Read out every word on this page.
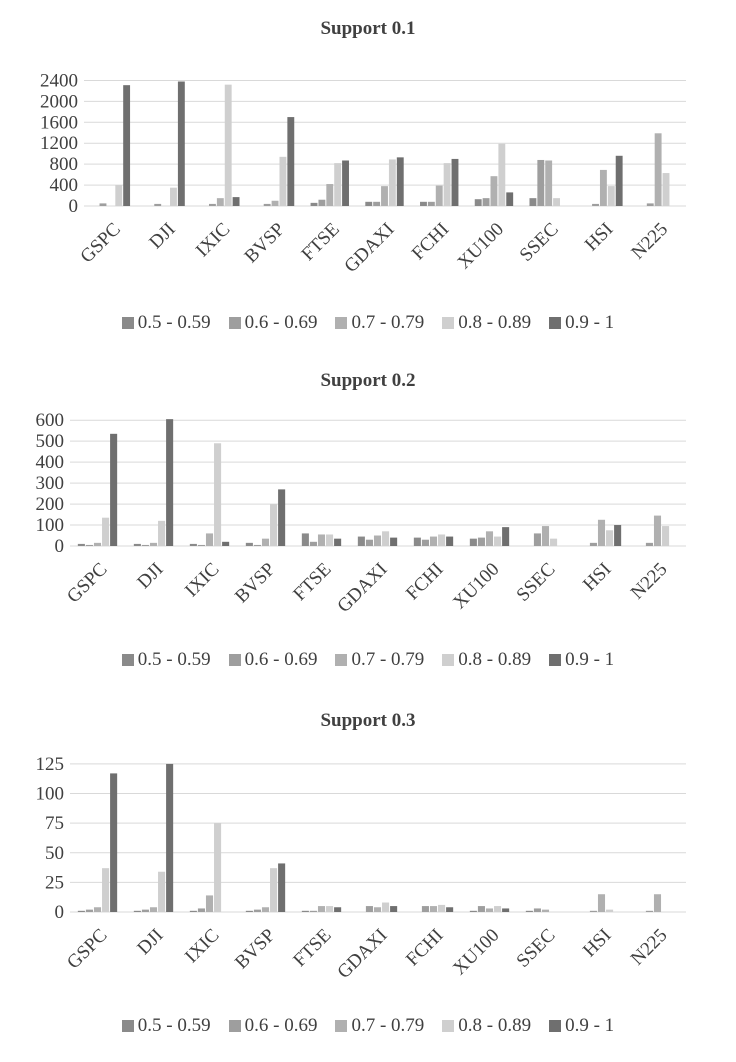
Support 0.1
0
400
800
1200
1600
2000
2400
GSPC DJI IXIC BVSP FTSE
GDAXI FCHI XU100 SSEC HSI N225
0.5 - 0.59 0.6 - 0.69 0.7 - 0.79 0.8 - 0.89 0.9 - 1
Support 0.2
0
100
200
300
400
500
600
GSPC DJI IXIC BVSP FTSE
GDAXI FCHI XU100 SSEC HSI N225
0.5 - 0.59 0.6 - 0.69 0.7 - 0.79 0.8 - 0.89 0.9 - 1
Support 0.3
0
25
50
75
100
125
GSPC DJI IXIC BVSP FTSE
GDAXI FCHI XU100 SSEC HSI N225
0.5 - 0.59 0.6 - 0.69 0.7 - 0.79 0.8 - 0.89 0.9 - 1
